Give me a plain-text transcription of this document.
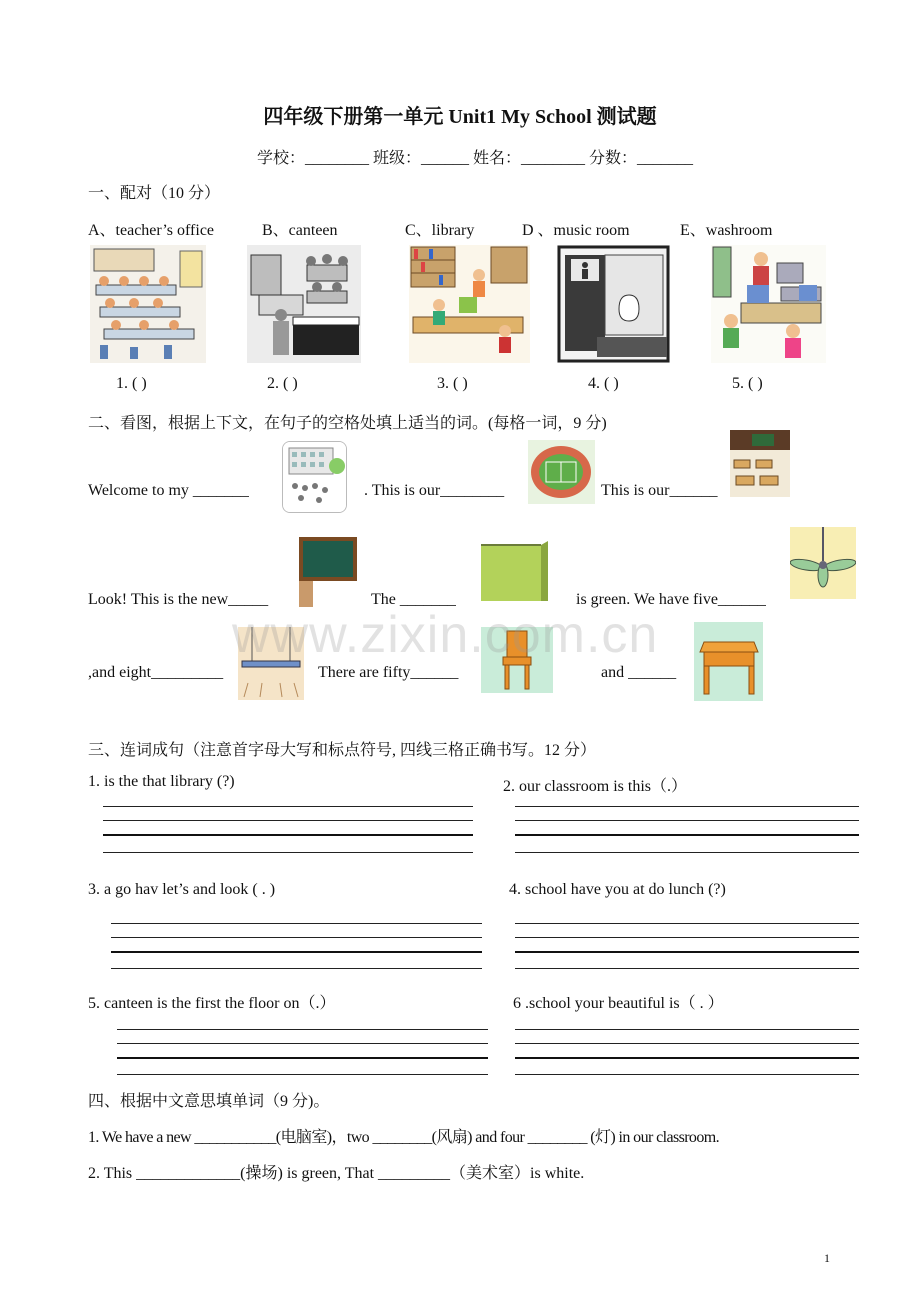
四年级下册第一单元 Unit1 My School 测试题
学校：________ 班级：______ 姓名：________ 分数：_______
一、配对（10 分）
A、teacher’s office	B、canteen	C、library	D 、music room	E、washroom
1. ( )	2. ( )	3. ( )	4. ( )	5. ( )
二、看图，根据上下文，在句子的空格处填上适当的词。(每格一词，9 分)
Welcome to my _______	. This is our________	This is our______
Look! This is the new_____	The _______	is green. We have five______
,and eight_________	There are fifty______	and ______
www.zixin.com.cn
三、连词成句（注意首字母大写和标点符号, 四线三格正确书写。12 分）
1. is the that library (?)	2. our classroom is this（.）
3. a go hav let’s and look ( . )	4. school have you at do lunch (?)
5. canteen is the first the floor on（.）	6 .school your beautiful is（ . ）
四、根据中文意思填单词（9 分)。
1. We have a new ___________(电脑室)，two ________(风扇) and four ________ (灯) in our classroom.
2. This _____________(操场) is green, That _________（美术室）is white.
1
